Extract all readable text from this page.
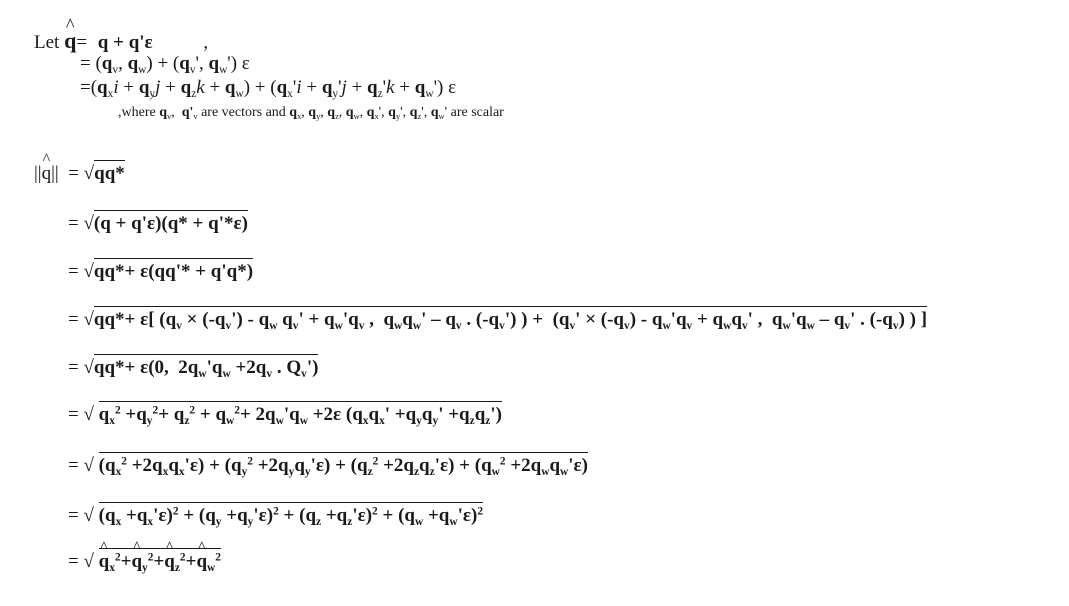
Let ^ q= q + q'ε	,
= ($q_v$, $q_w) + (q_v'$, $q_w'$) ε
$=(q_xi + q_yj + q_zk + q_w) + (q_x'i + q_y'j + q_z'k + q_w')$ ε
,where $q_v$,  $q'_v$ are vectors and $q_x$, $q_y$, $q_z$, $q_w$, $q_x'$, $q_y'$, $q_z'$, $q_w'$ are scalar
||^ q||  = √qq*
= √(q + q'ε)(q* + q'*ε)
= √qq*+ ε(qq'* + q'q*)
= √qq*+ ε[ ($q_v \times (-q_v') - q_w$ $q_v' + q_w'q_v$ ,  $q_wq_w' - q_v$ . $(-q_v')$ ) +  ($q_v' \times (-q_v) - q_w'q_v + q_wq_v'$ ,  $q_w'q_w - q_v'$ . $(-q_v)$ ) ]
= √qq*+ ε(0,  $2q_w'q_w +2q_v$ . $Q_v'$)
= √ $q_x^2 +q_y^2+ q_z^2 + q_w^2+ 2q_w'q_w +2\varepsilon$ $(q_xq_x' +q_yq_y' +q_zq_z')$
= √ $(q_x^2 +2q_xq_x'\varepsilon) + (q_y^2 +2q_yq_y'\varepsilon) + (q_z^2 +2q_zq_z'\varepsilon) + (q_w^2 +2q_wq_w'\varepsilon)$
= √ $(q_x +q_x'\varepsilon)^2 + (q_y +q_y'\varepsilon)^2 + (q_z +q_z'\varepsilon)^2 + (q_w +q_w'\varepsilon)^2$
= √ ^ $q_x^2+\^{}$ $q_y^2+\^{}$ $q_z^2+\^{}$ $q_w^2$
